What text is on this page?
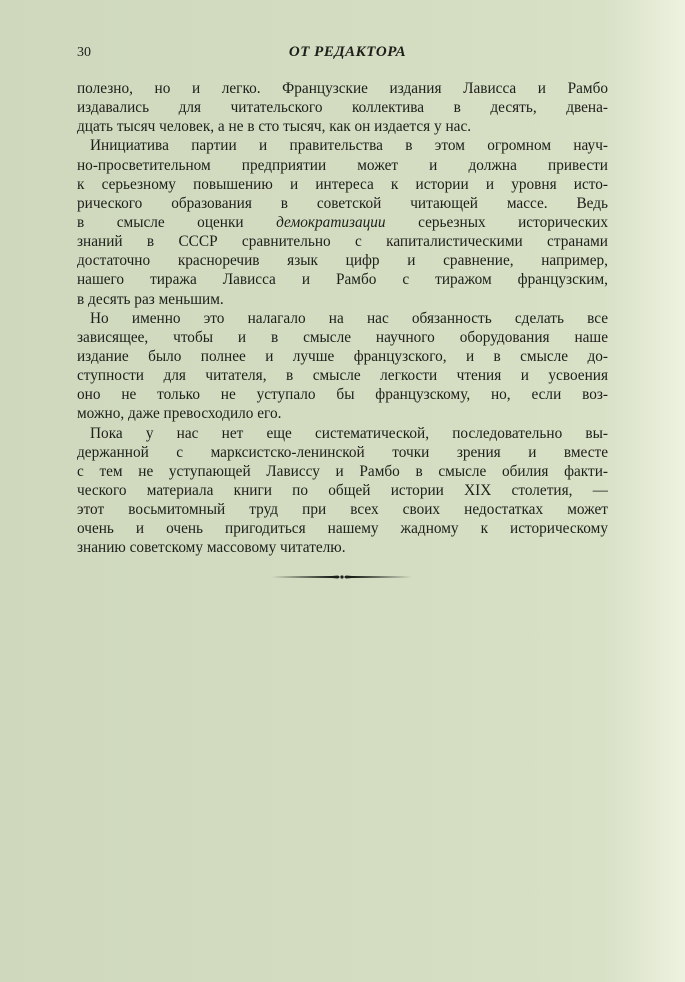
30	ОТ РЕДАКТОРА
полезно, но и легко. Французские издания Лависса и Рамбо
издавались для читательского коллектива в десять, двена-
дцать тысяч человек, а не в сто тысяч, как он издается у нас.
Инициатива партии и правительства в этом огромном науч-
но-просветительном предприятии может и должна привести
к серьезному повышению и интереса к истории и уровня исто-
рического образования в советской читающей массе. Ведь
в смысле оценки демократизации серьезных исторических
знаний в СССР сравнительно с капиталистическими странами
достаточно красноречив язык цифр и сравнение, например,
нашего тиража Лависса и Рамбо с тиражом французским,
в десять раз меньшим.
Но именно это налагало на нас обязанность сделать все
зависящее, чтобы и в смысле научного оборудования наше
издание было полнее и лучше французского, и в смысле до-
ступности для читателя, в смысле легкости чтения и усвоения
оно не только не уступало бы французскому, но, если воз-
можно, даже превосходило его.
Пока у нас нет еще систематической, последовательно вы-
держанной с марксистско-ленинской точки зрения и вместе
с тем не уступающей Лависсу и Рамбо в смысле обилия факти-
ческого материала книги по общей истории XIX столетия, —
этот восьмитомный труд при всех своих недостатках может
очень и очень пригодиться нашему жадному к историческому
знанию советскому массовому читателю.
